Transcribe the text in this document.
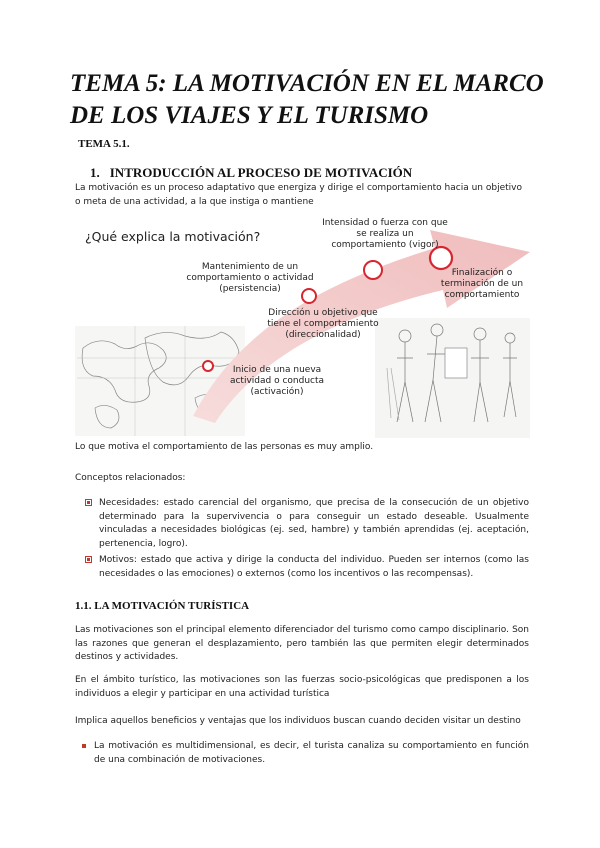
TEMA 5: LA MOTIVACIÓN EN EL MARCO DE LOS VIAJES Y EL TURISMO

TEMA 5.1.

1. INTRODUCCIÓN AL PROCESO DE MOTIVACIÓN

La motivación es un proceso adaptativo que energiza y dirige el comportamiento hacia un objetivo o meta de una actividad, a la que instiga o mantiene

¿Qué explica la motivación?
Inicio de una nueva
actividad o conducta
(activación)
Mantenimiento de un
comportamiento o actividad
(persistencia)
Dirección u objetivo que
tiene el comportamiento
(direccionalidad)
Intensidad o fuerza con que
se realiza un
comportamiento (vigor)
Finalización o
terminación de un
comportamiento

Lo que motiva el comportamiento de las personas es muy amplio.

Conceptos relacionados:

Necesidades: estado carencial del organismo, que precisa de la consecución de un objetivo determinado para la supervivencia o para conseguir un estado deseable. Usualmente vinculadas a necesidades biológicas (ej. sed, hambre) y también aprendidas (ej. aceptación, pertenencia, logro).
Motivos: estado que activa y dirige la conducta del individuo. Pueden ser internos (como las necesidades o las emociones) o externos (como los incentivos o las recompensas).
1.1. LA MOTIVACIÓN TURÍSTICA

Las motivaciones son el principal elemento diferenciador del turismo como campo disciplinario. Son las razones que generan el desplazamiento, pero también las que permiten elegir determinados destinos y actividades.

En el ámbito turístico, las motivaciones son las fuerzas socio-psicológicas que predisponen a los individuos a elegir y participar en una actividad turística

Implica aquellos beneficios y ventajas que los individuos buscan cuando deciden visitar un destino

La motivación es multidimensional, es decir, el turista canaliza su comportamiento en función de una combinación de motivaciones.
